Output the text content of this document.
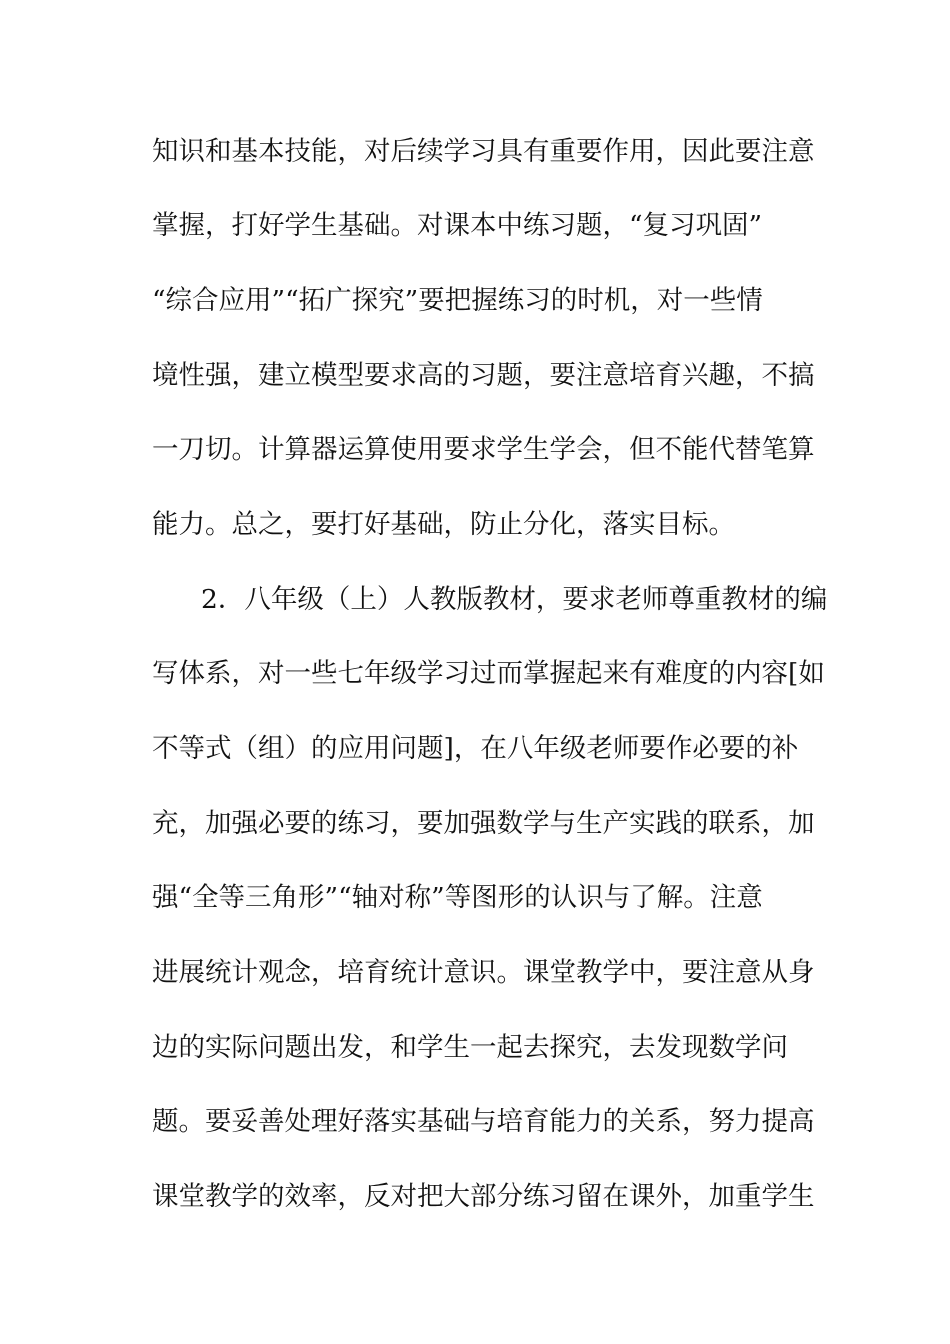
知识和基本技能，对后续学习具有重要作用，因此要注意
掌握，打好学生基础。对课本中练习题，“复习巩固”
“综合应用”“拓广探究”要把握练习的时机，对一些情
境性强，建立模型要求高的习题，要注意培育兴趣，不搞
一刀切。计算器运算使用要求学生学会，但不能代替笔算
能力。总之，要打好基础，防止分化，落实目标。
2．八年级（上）人教版教材，要求老师尊重教材的编
写体系，对一些七年级学习过而掌握起来有难度的内容[如
不等式（组）的应用问题]，在八年级老师要作必要的补
充，加强必要的练习，要加强数学与生产实践的联系，加
强“全等三角形”“轴对称”等图形的认识与了解。注意
进展统计观念，培育统计意识。课堂教学中，要注意从身
边的实际问题出发，和学生一起去探究，去发现数学问
题。要妥善处理好落实基础与培育能力的关系，努力提高
课堂教学的效率，反对把大部分练习留在课外，加重学生
